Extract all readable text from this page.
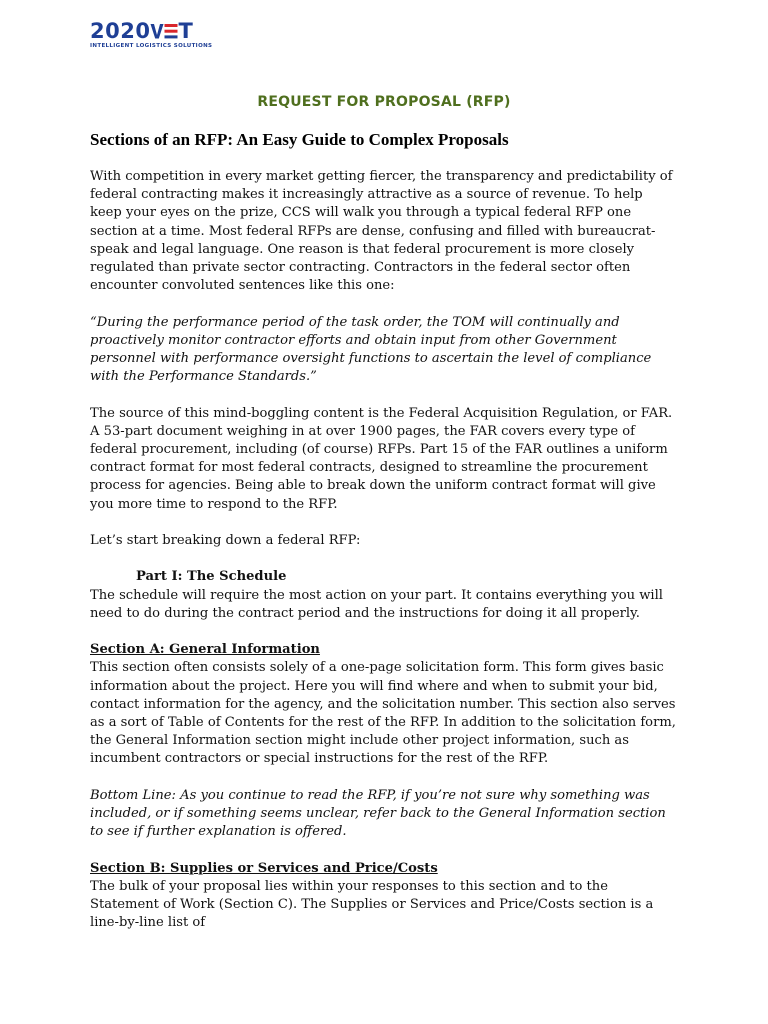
2020 T
INTELLIGENT LOGISTICS SOLUTIONS
REQUEST FOR PROPOSAL (RFP)
Sections of an RFP: An Easy Guide to Complex Proposals

With competition in every market getting fiercer, the transparency and predictability of federal contracting makes it increasingly attractive as a source of revenue. To help keep your eyes on the prize, CCS will walk you through a typical federal RFP one section at a time. Most federal RFPs are dense, confusing and filled with bureaucrat-speak and legal language. One reason is that federal procurement is more closely regulated than private sector contracting. Contractors in the federal sector often encounter convoluted sentences like this one:

“During the performance period of the task order, the TOM will continually and proactively monitor contractor efforts and obtain input from other Government personnel with performance oversight functions to ascertain the level of compliance with the Performance Standards.”

The source of this mind-boggling content is the Federal Acquisition Regulation, or FAR. A 53-part document weighing in at over 1900 pages, the FAR covers every type of federal procurement, including (of course) RFPs. Part 15 of the FAR outlines a uniform contract format for most federal contracts, designed to streamline the procurement process for agencies. Being able to break down the uniform contract format will give you more time to respond to the RFP.

Let’s start breaking down a federal RFP:

Part I: The Schedule

The schedule will require the most action on your part. It contains everything you will need to do during the contract period and the instructions for doing it all properly.

Section A: General Information

This section often consists solely of a one-page solicitation form. This form gives basic information about the project. Here you will find where and when to submit your bid, contact information for the agency, and the solicitation number. This section also serves as a sort of Table of Contents for the rest of the RFP. In addition to the solicitation form, the General Information section might include other project information, such as incumbent contractors or special instructions for the rest of the RFP.

Bottom Line: As you continue to read the RFP, if you’re not sure why something was included, or if something seems unclear, refer back to the General Information section to see if further explanation is offered.

Section B: Supplies or Services and Price/Costs

The bulk of your proposal lies within your responses to this section and to the Statement of Work (Section C). The Supplies or Services and Price/Costs section is a line-by-line list of
